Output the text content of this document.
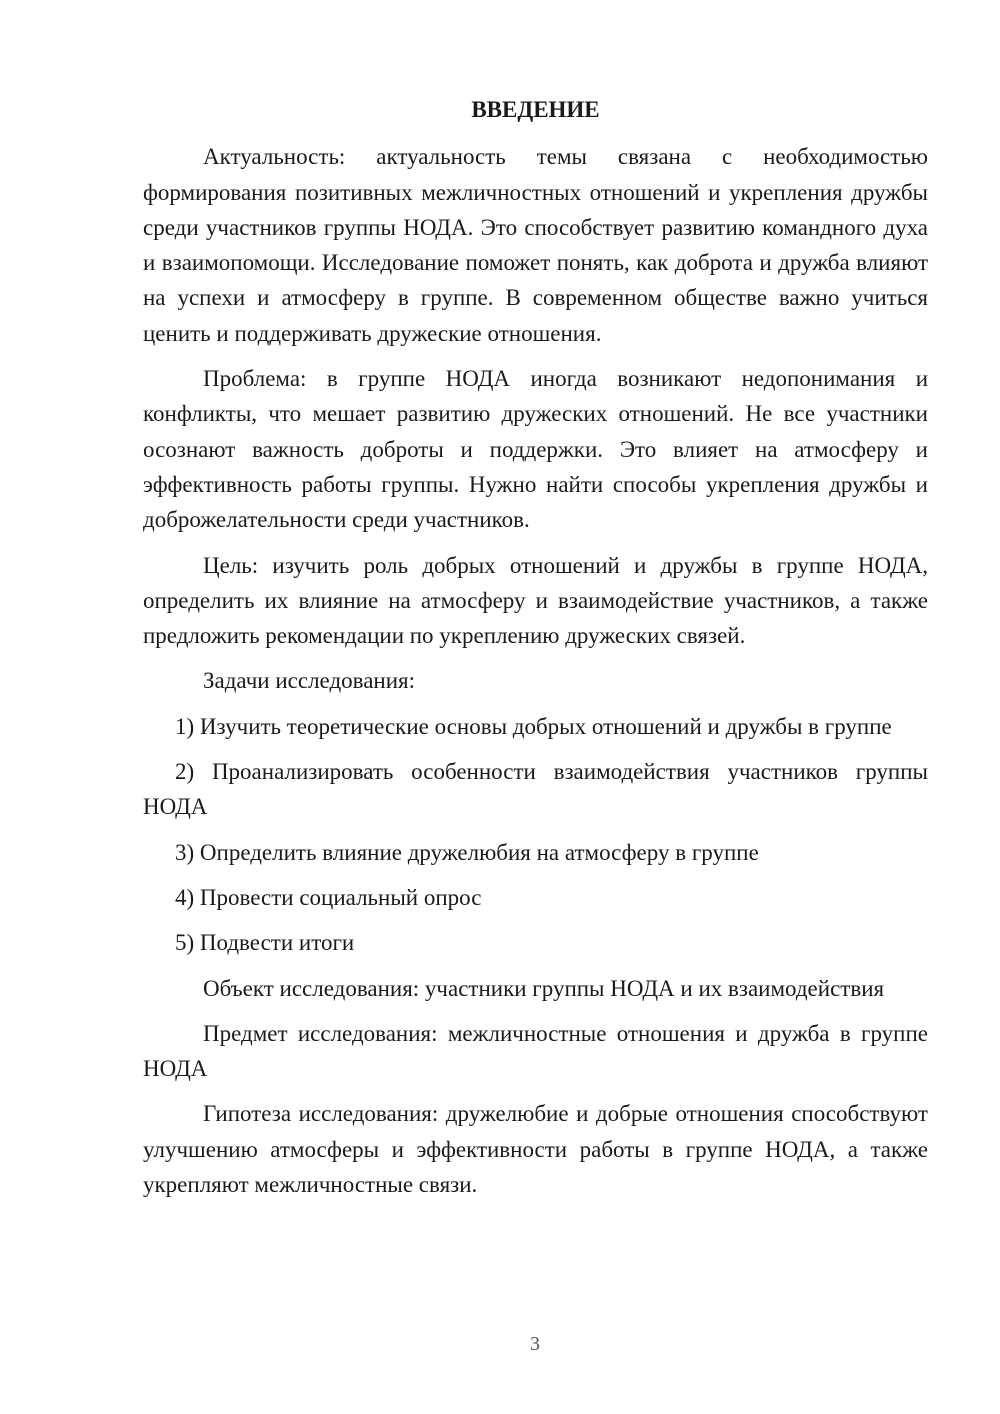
ВВЕДЕНИЕ

Актуальность: актуальность темы связана с необходимостью формирования позитивных межличностных отношений и укрепления дружбы среди участников группы НОДА. Это способствует развитию командного духа и взаимопомощи. Исследование поможет понять, как доброта и дружба влияют на успехи и атмосферу в группе. В современном обществе важно учиться ценить и поддерживать дружеские отношения.

Проблема: в группе НОДА иногда возникают недопонимания и конфликты, что мешает развитию дружеских отношений. Не все участники осознают важность доброты и поддержки. Это влияет на атмосферу и эффективность работы группы. Нужно найти способы укрепления дружбы и доброжелательности среди участников.

Цель: изучить роль добрых отношений и дружбы в группе НОДА, определить их влияние на атмосферу и взаимодействие участников, а также предложить рекомендации по укреплению дружеских связей.

Задачи исследования:

1) Изучить теоретические основы добрых отношений и дружбы в группе

2) Проанализировать особенности взаимодействия участников группы НОДА

3) Определить влияние дружелюбия на атмосферу в группе

4) Провести социальный опрос

5) Подвести итоги

Объект исследования: участники группы НОДА и их взаимодействия

Предмет исследования: межличностные отношения и дружба в группе НОДА

Гипотеза исследования: дружелюбие и добрые отношения способствуют улучшению атмосферы и эффективности работы в группе НОДА, а также укрепляют межличностные связи.

3
